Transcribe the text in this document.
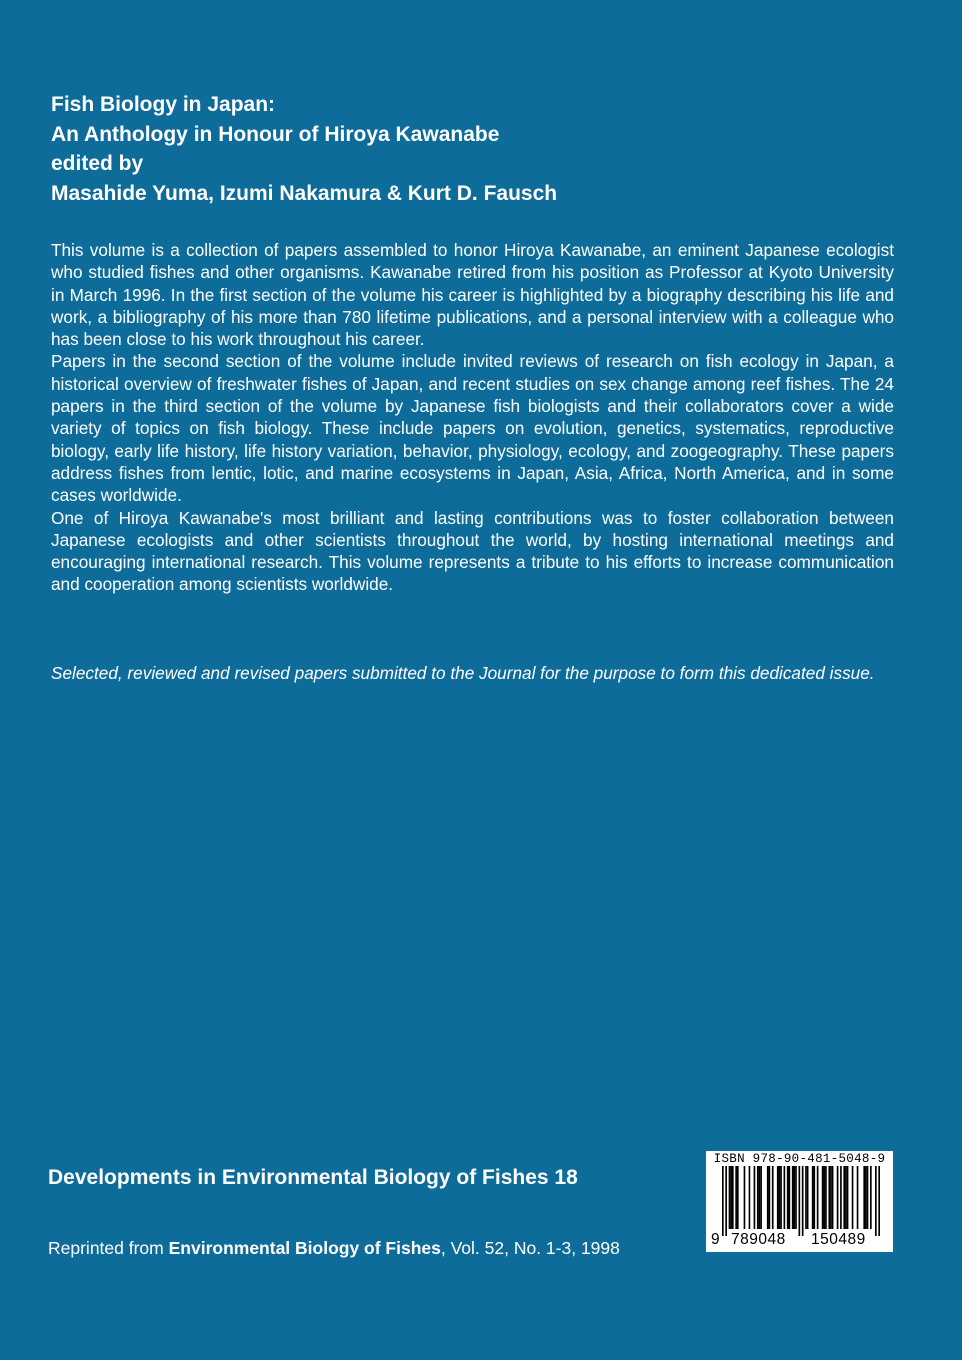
Fish Biology in Japan:
An Anthology in Honour of Hiroya Kawanabe
edited by
Masahide Yuma, Izumi Nakamura & Kurt D. Fausch

This volume is a collection of papers assembled to honor Hiroya Kawanabe, an eminent Japanese ecologist who studied fishes and other organisms. Kawanabe retired from his position as Professor at Kyoto University in March 1996. In the first section of the volume his career is highlighted by a biography describing his life and work, a bibliography of his more than 780 lifetime publications, and a personal interview with a colleague who has been close to his work throughout his career.

Papers in the second section of the volume include invited reviews of research on fish ecology in Japan, a historical overview of freshwater fishes of Japan, and recent studies on sex change among reef fishes. The 24 papers in the third section of the volume by Japanese fish biologists and their collaborators cover a wide variety of topics on fish biology. These include papers on evolution, genetics, systematics, reproductive biology, early life history, life history variation, behavior, physiology, ecology, and zoogeography. These papers address fishes from lentic, lotic, and marine ecosystems in Japan, Asia, Africa, North America, and in some cases worldwide.

One of Hiroya Kawanabe's most brilliant and lasting contributions was to foster collaboration between Japanese ecologists and other scientists throughout the world, by hosting international meetings and encouraging international research. This volume represents a tribute to his efforts to increase communication and cooperation among scientists worldwide.

Selected, reviewed and revised papers submitted to the Journal for the purpose to form this dedicated issue.
Developments in Environmental Biology of Fishes 18
Reprinted from Environmental Biology of Fishes, Vol. 52, No. 1-3, 1998
ISBN 978-90-481-5048-9
9 789048 150489
